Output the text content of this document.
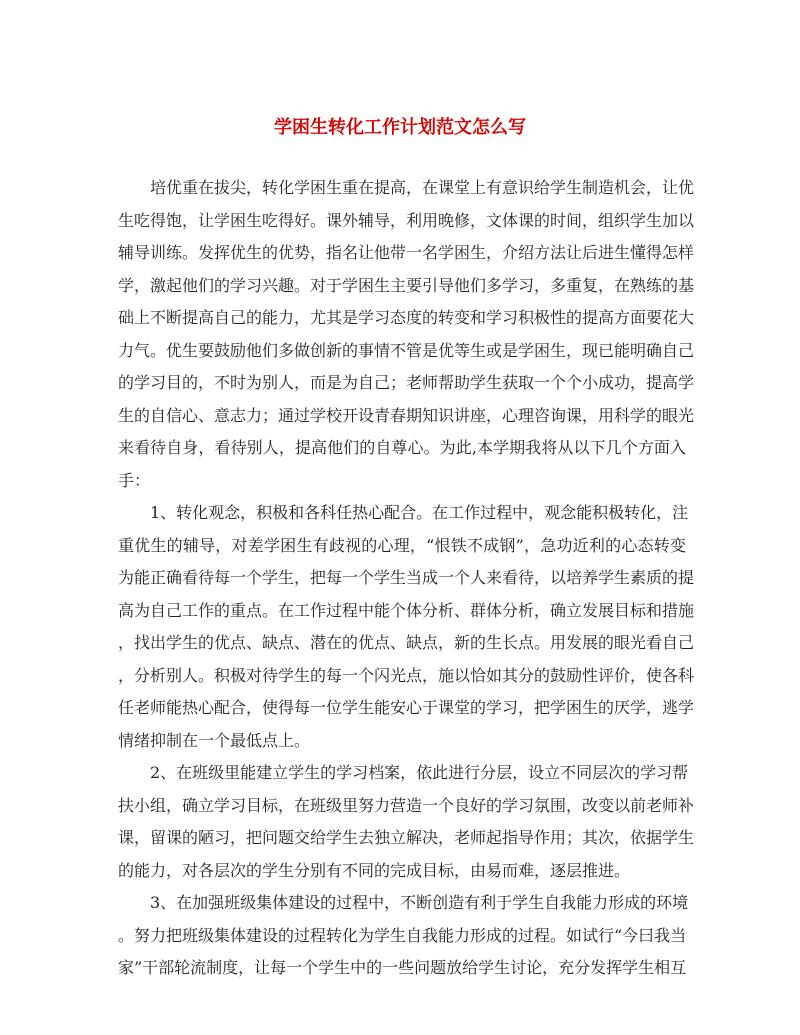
学困生转化工作计划范文怎么写
培优重在拔尖，转化学困生重在提高，在课堂上有意识给学生制造机会，让优
生吃得饱，让学困生吃得好。课外辅导，利用晚修，文体课的时间，组织学生加以
辅导训练。发挥优生的优势，指名让他带一名学困生，介绍方法让后进生懂得怎样
学，激起他们的学习兴趣。对于学困生主要引导他们多学习，多重复，在熟练的基
础上不断提高自己的能力，尤其是学习态度的转变和学习积极性的提高方面要花大
力气。优生要鼓励他们多做创新的事情不管是优等生或是学困生，现已能明确自己
的学习目的，不时为别人，而是为自己；老师帮助学生获取一个个小成功，提高学
生的自信心、意志力；通过学校开设青春期知识讲座，心理咨询课，用科学的眼光
来看待自身，看待别人，提高他们的自尊心。为此,本学期我将从以下几个方面入
手：
1、转化观念，积极和各科任热心配合。在工作过程中，观念能积极转化，注
重优生的辅导，对差学困生有歧视的心理，“恨铁不成钢”，急功近利的心态转变
为能正确看待每一个学生，把每一个学生当成一个人来看待，以培养学生素质的提
高为自己工作的重点。在工作过程中能个体分析、群体分析，确立发展目标和措施
，找出学生的优点、缺点、潜在的优点、缺点，新的生长点。用发展的眼光看自己
，分析别人。积极对待学生的每一个闪光点，施以恰如其分的鼓励性评价，使各科
任老师能热心配合，使得每一位学生能安心于课堂的学习，把学困生的厌学，逃学
情绪抑制在一个最低点上。
2、在班级里能建立学生的学习档案，依此进行分层，设立不同层次的学习帮
扶小组，确立学习目标，在班级里努力营造一个良好的学习氛围，改变以前老师补
课，留课的陋习，把问题交给学生去独立解决，老师起指导作用；其次，依据学生
的能力，对各层次的学生分别有不同的完成目标，由易而难，逐层推进。
3、在加强班级集体建设的过程中，不断创造有利于学生自我能力形成的环境
。努力把班级集体建设的过程转化为学生自我能力形成的过程。如试行“今曰我当
家”干部轮流制度，让每一个学生中的一些问题放给学生讨论，充分发挥学生相互
